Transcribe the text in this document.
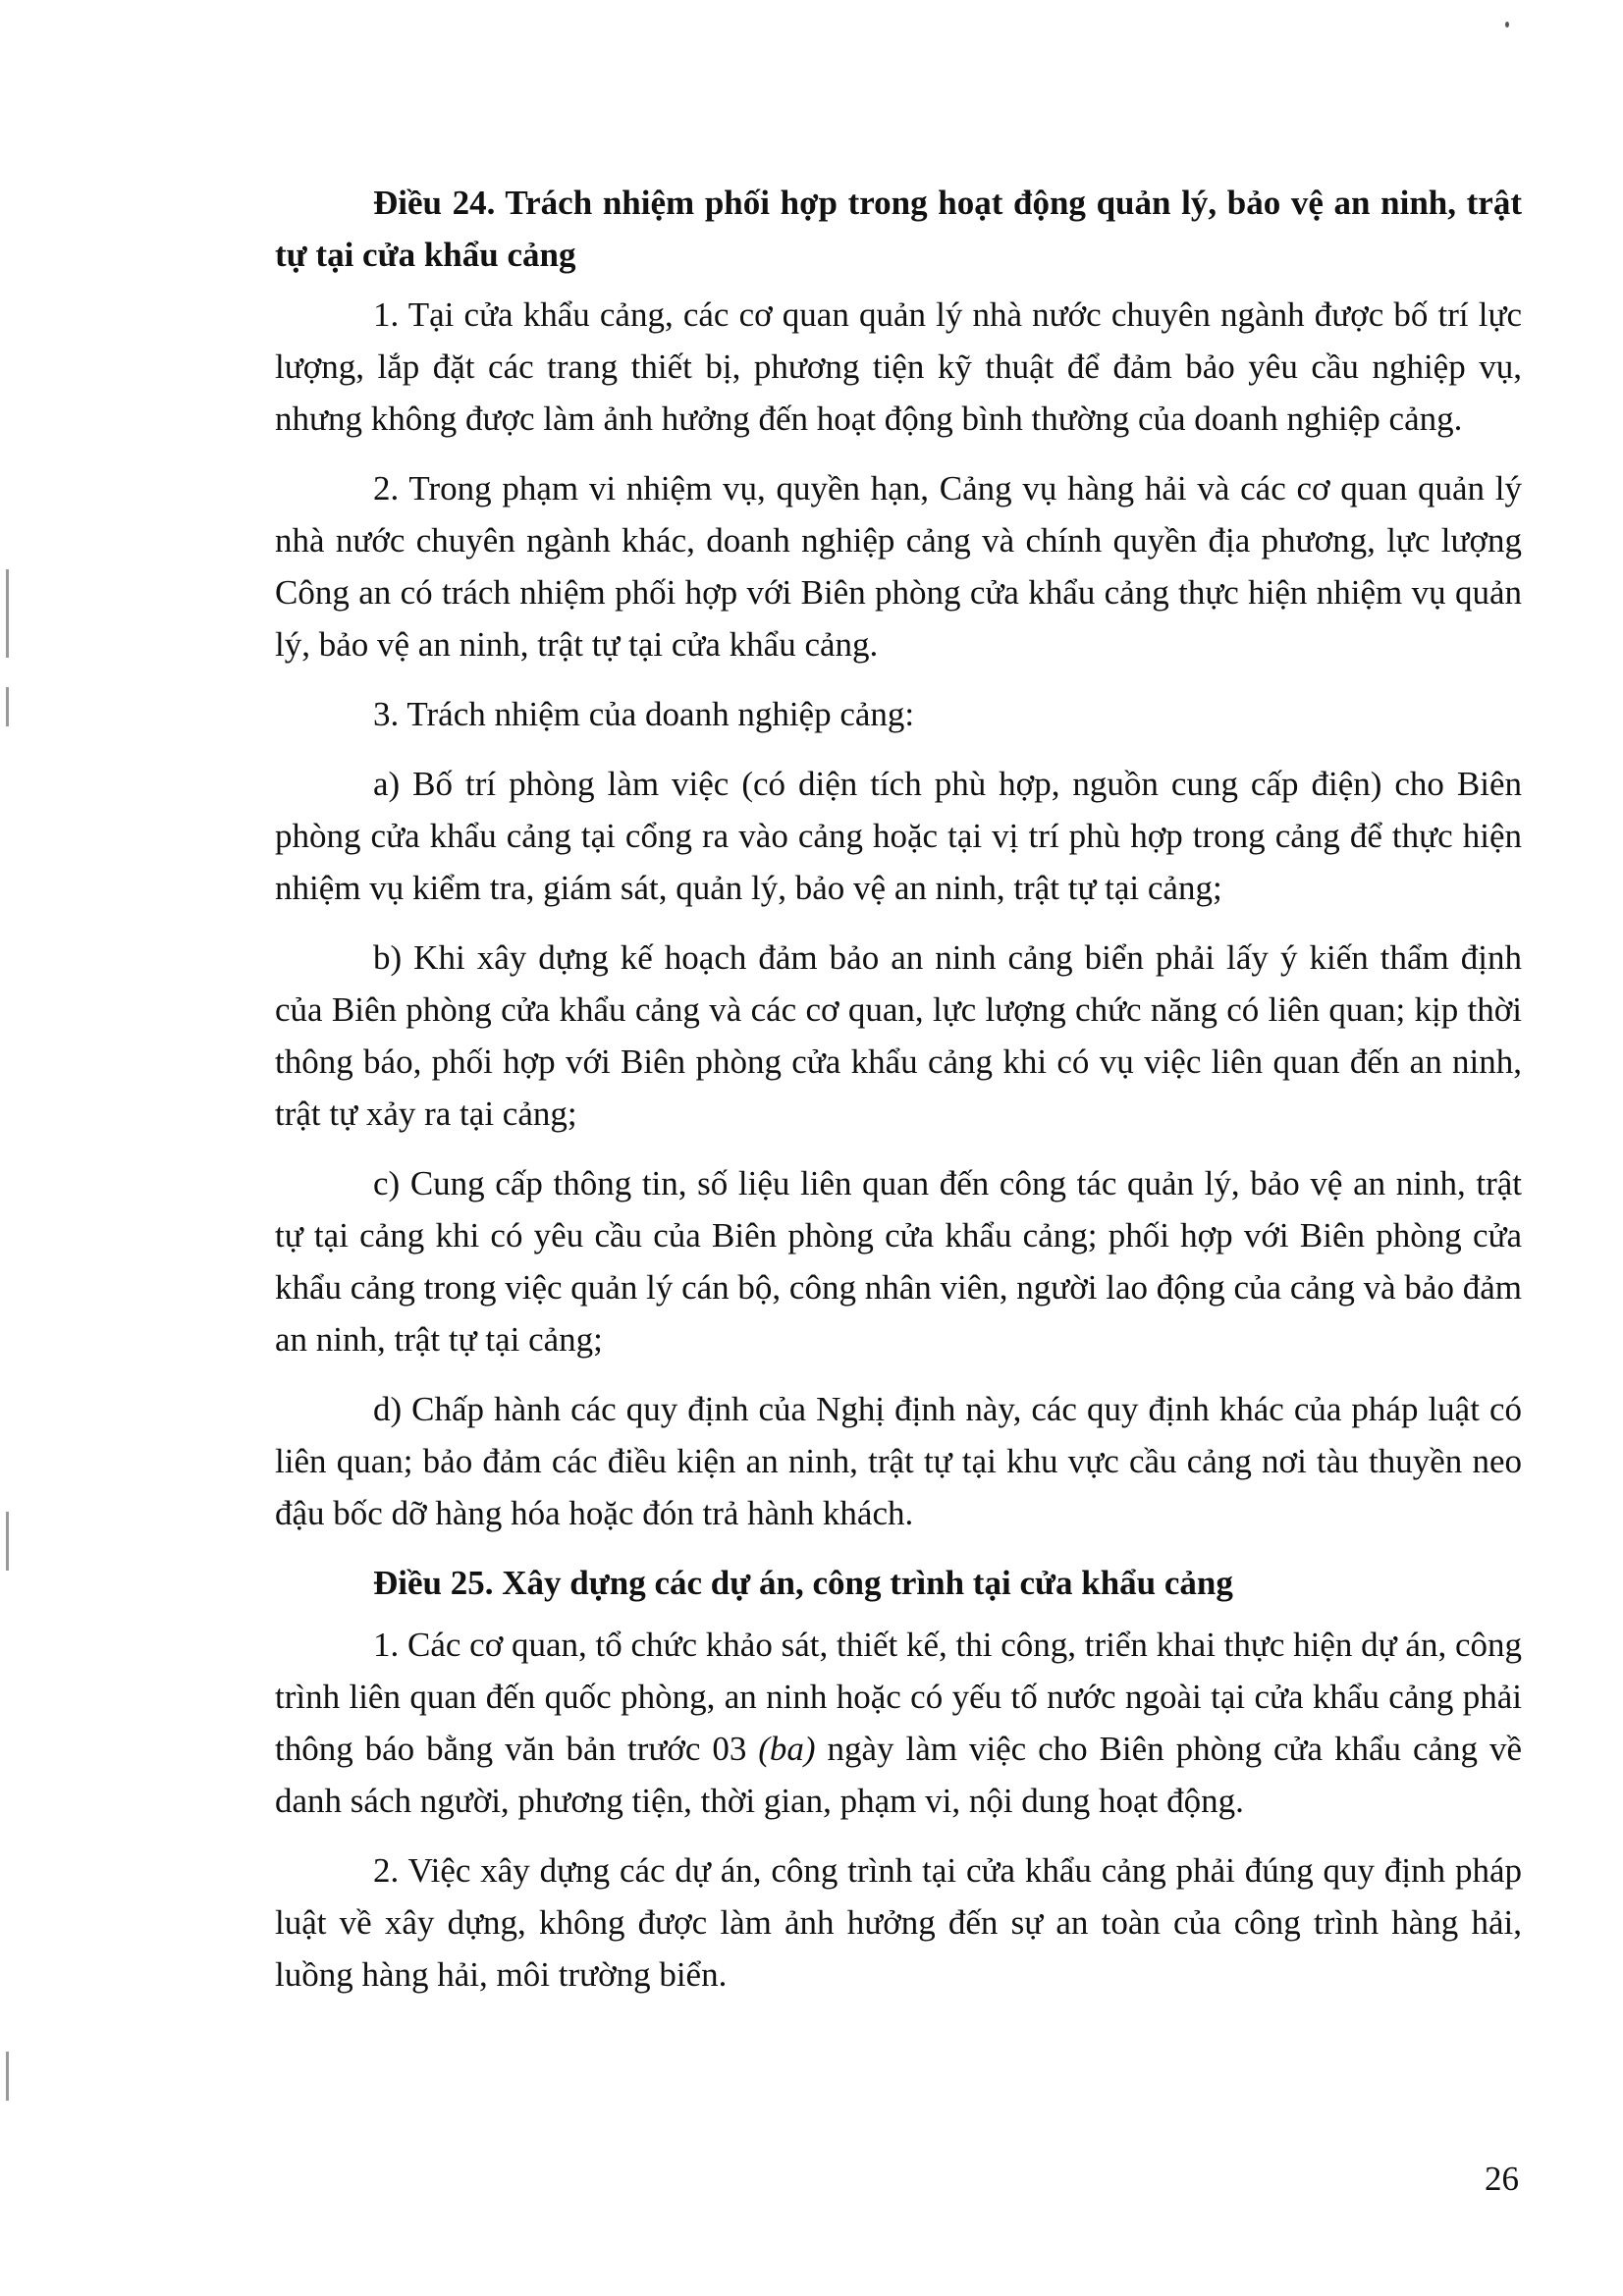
Điều 24. Trách nhiệm phối hợp trong hoạt động quản lý, bảo vệ an ninh, trật tự tại cửa khẩu cảng

1. Tại cửa khẩu cảng, các cơ quan quản lý nhà nước chuyên ngành được bố trí lực lượng, lắp đặt các trang thiết bị, phương tiện kỹ thuật để đảm bảo yêu cầu nghiệp vụ, nhưng không được làm ảnh hưởng đến hoạt động bình thường của doanh nghiệp cảng.

2. Trong phạm vi nhiệm vụ, quyền hạn, Cảng vụ hàng hải và các cơ quan quản lý nhà nước chuyên ngành khác, doanh nghiệp cảng và chính quyền địa phương, lực lượng Công an có trách nhiệm phối hợp với Biên phòng cửa khẩu cảng thực hiện nhiệm vụ quản lý, bảo vệ an ninh, trật tự tại cửa khẩu cảng.

3. Trách nhiệm của doanh nghiệp cảng:

a) Bố trí phòng làm việc (có diện tích phù hợp, nguồn cung cấp điện) cho Biên phòng cửa khẩu cảng tại cổng ra vào cảng hoặc tại vị trí phù hợp trong cảng để thực hiện nhiệm vụ kiểm tra, giám sát, quản lý, bảo vệ an ninh, trật tự tại cảng;

b) Khi xây dựng kế hoạch đảm bảo an ninh cảng biển phải lấy ý kiến thẩm định của Biên phòng cửa khẩu cảng và các cơ quan, lực lượng chức năng có liên quan; kịp thời thông báo, phối hợp với Biên phòng cửa khẩu cảng khi có vụ việc liên quan đến an ninh, trật tự xảy ra tại cảng;

c) Cung cấp thông tin, số liệu liên quan đến công tác quản lý, bảo vệ an ninh, trật tự tại cảng khi có yêu cầu của Biên phòng cửa khẩu cảng; phối hợp với Biên phòng cửa khẩu cảng trong việc quản lý cán bộ, công nhân viên, người lao động của cảng và bảo đảm an ninh, trật tự tại cảng;

d) Chấp hành các quy định của Nghị định này, các quy định khác của pháp luật có liên quan; bảo đảm các điều kiện an ninh, trật tự tại khu vực cầu cảng nơi tàu thuyền neo đậu bốc dỡ hàng hóa hoặc đón trả hành khách.

Điều 25. Xây dựng các dự án, công trình tại cửa khẩu cảng

1. Các cơ quan, tổ chức khảo sát, thiết kế, thi công, triển khai thực hiện dự án, công trình liên quan đến quốc phòng, an ninh hoặc có yếu tố nước ngoài tại cửa khẩu cảng phải thông báo bằng văn bản trước 03 (ba) ngày làm việc cho Biên phòng cửa khẩu cảng về danh sách người, phương tiện, thời gian, phạm vi, nội dung hoạt động.

2. Việc xây dựng các dự án, công trình tại cửa khẩu cảng phải đúng quy định pháp luật về xây dựng, không được làm ảnh hưởng đến sự an toàn của công trình hàng hải, luồng hàng hải, môi trường biển.

26
